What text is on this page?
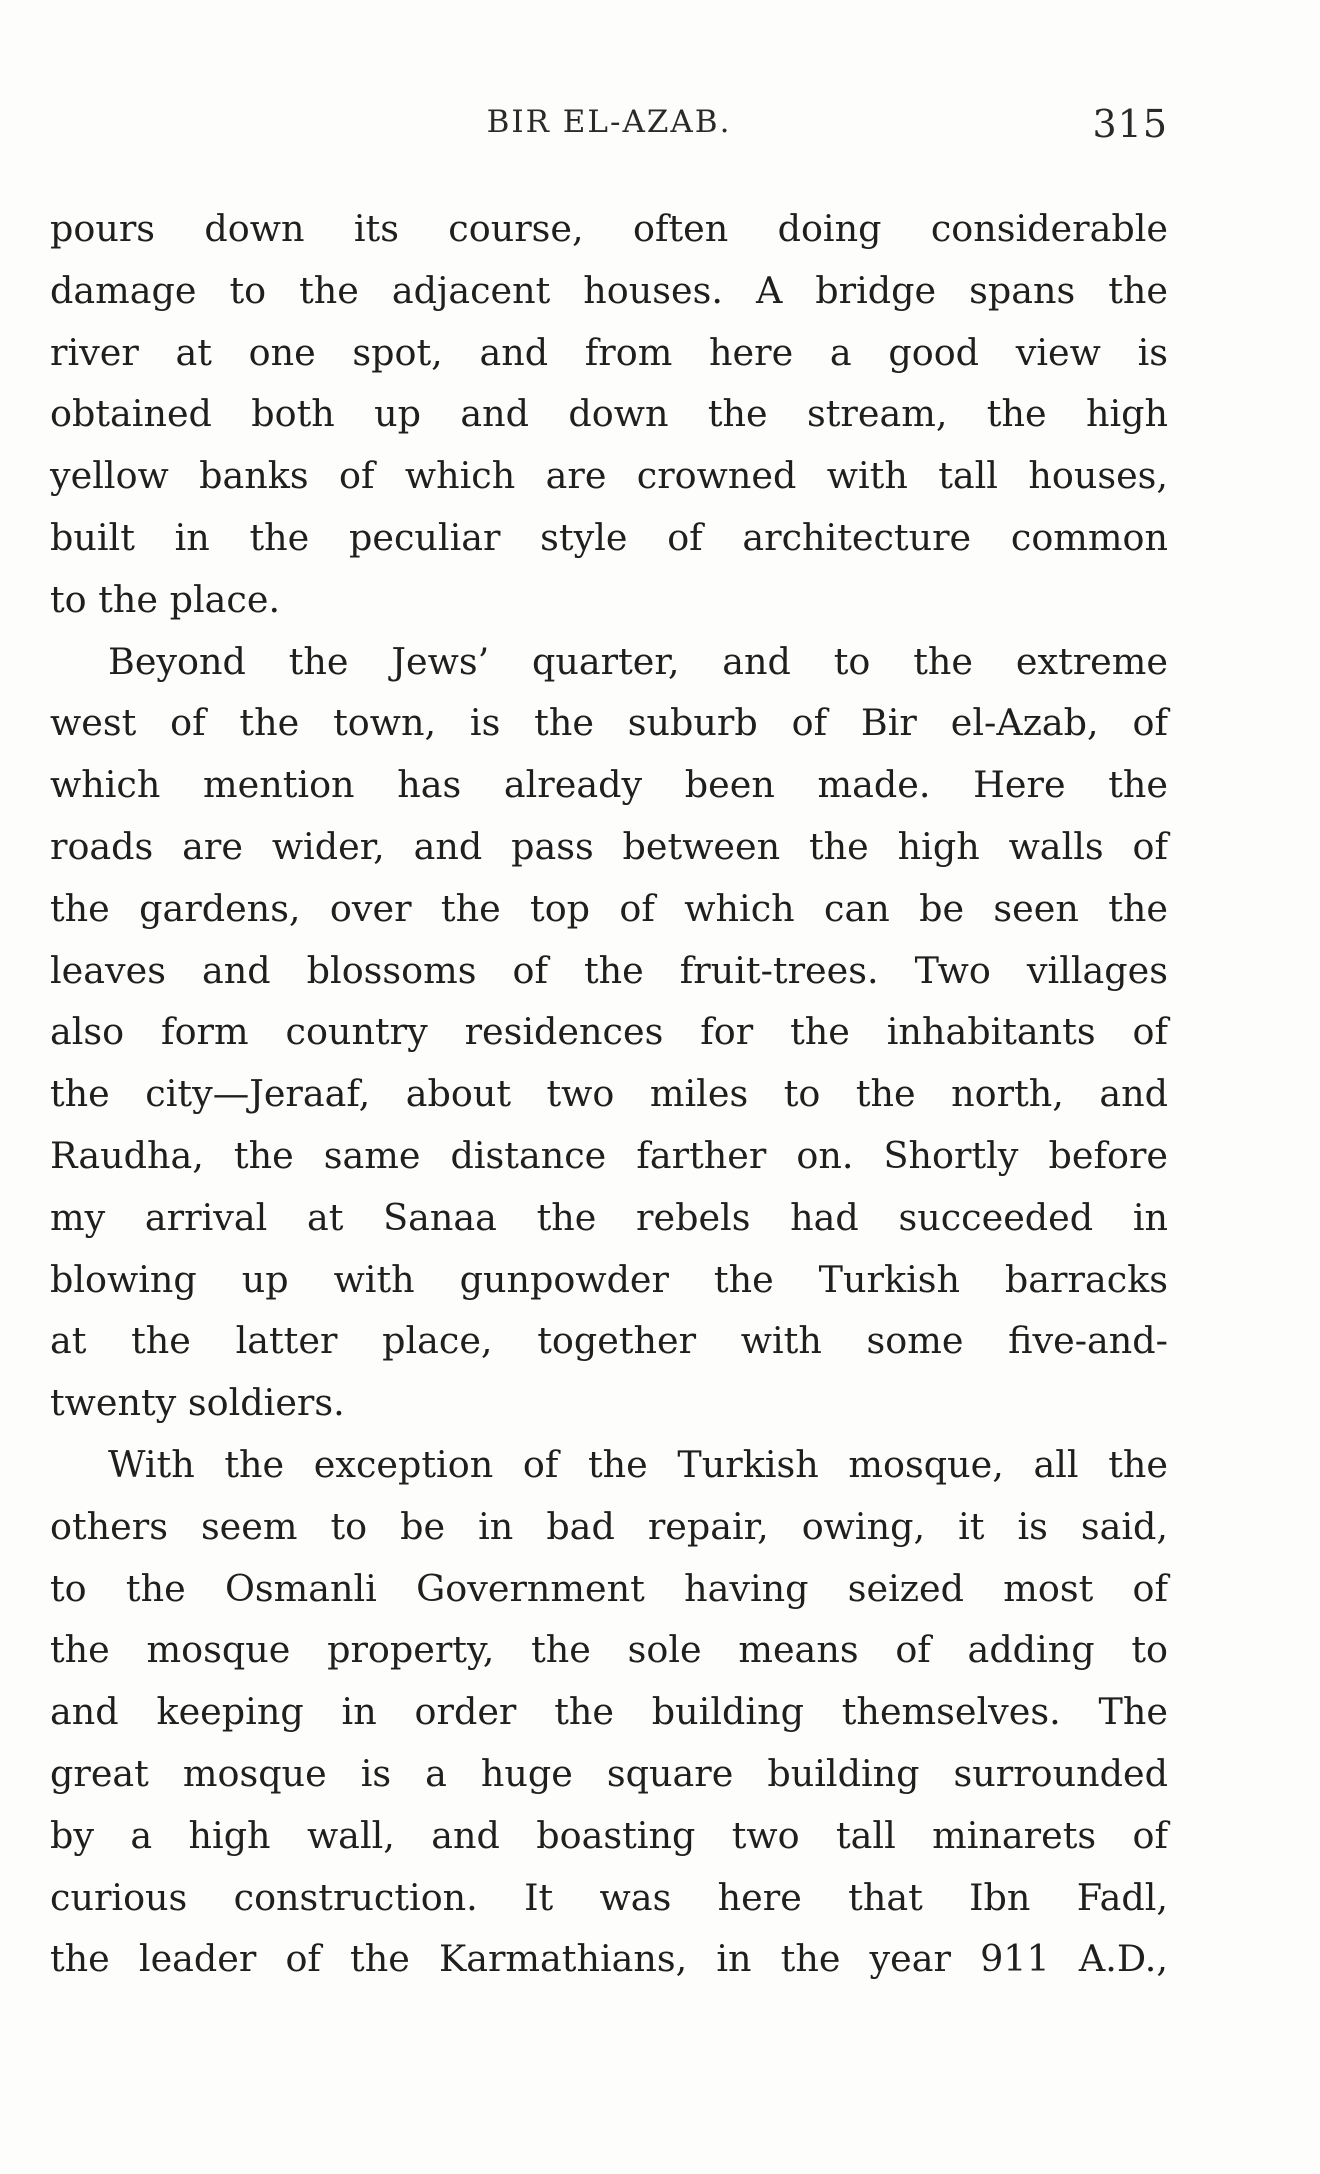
BIR EL-AZAB.	315
pours down its course, often doing considerable
damage to the adjacent houses. A bridge spans the
river at one spot, and from here a good view is
obtained both up and down the stream, the high
yellow banks of which are crowned with tall houses,
built in the peculiar style of architecture common
to the place.
Beyond the Jews’ quarter, and to the extreme
west of the town, is the suburb of Bir el-Azab, of
which mention has already been made. Here the
roads are wider, and pass between the high walls of
the gardens, over the top of which can be seen the
leaves and blossoms of the fruit-trees. Two villages
also form country residences for the inhabitants of
the city—Jeraaf, about two miles to the north, and
Raudha, the same distance farther on. Shortly before
my arrival at Sanaa the rebels had succeeded in
blowing up with gunpowder the Turkish barracks
at the latter place, together with some five-and-
twenty soldiers.
With the exception of the Turkish mosque, all the
others seem to be in bad repair, owing, it is said,
to the Osmanli Government having seized most of
the mosque property, the sole means of adding to
and keeping in order the building themselves. The
great mosque is a huge square building surrounded
by a high wall, and boasting two tall minarets of
curious construction. It was here that Ibn Fadl,
the leader of the Karmathians, in the year 911 A.D.,
